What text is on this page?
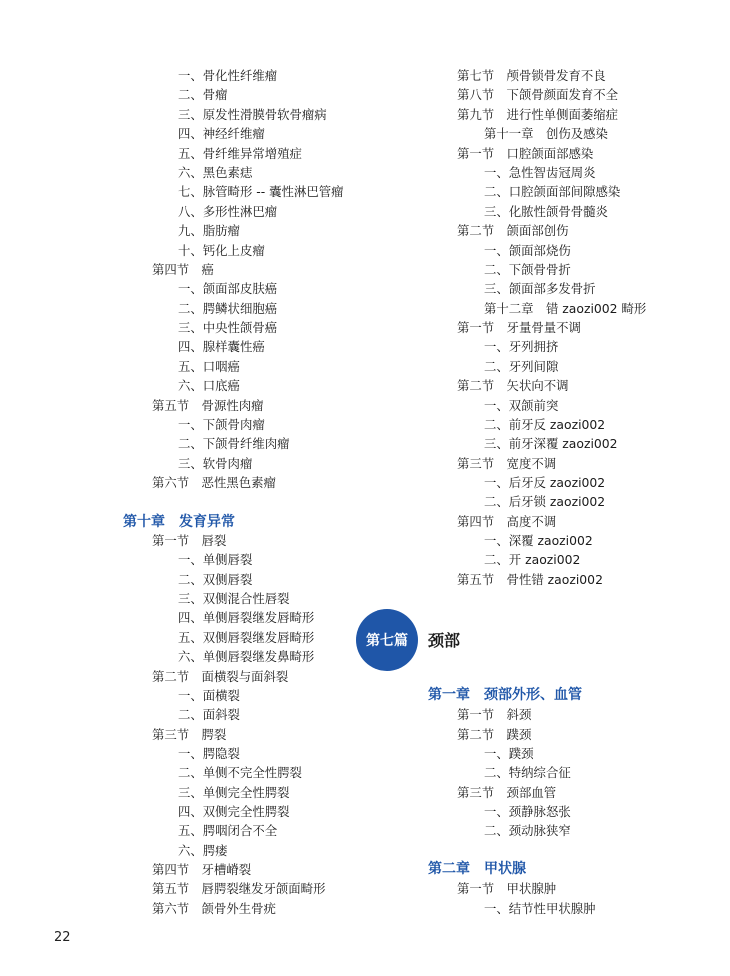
一、骨化性纤维瘤
二、骨瘤
三、原发性滑膜骨软骨瘤病
四、神经纤维瘤
五、骨纤维异常增殖症
六、黑色素痣
七、脉管畸形 -- 囊性淋巴管瘤
八、多形性淋巴瘤
九、脂肪瘤
十、钙化上皮瘤
第四节　癌
一、颌面部皮肤癌
二、腭鳞状细胞癌
三、中央性颌骨癌
四、腺样囊性癌
五、口咽癌
六、口底癌
第五节　骨源性肉瘤
一、下颌骨肉瘤
二、下颌骨纤维肉瘤
三、软骨肉瘤
第六节　恶性黑色素瘤
第十章　发育异常
第一节　唇裂
一、单侧唇裂
二、双侧唇裂
三、双侧混合性唇裂
四、单侧唇裂继发唇畸形
五、双侧唇裂继发唇畸形
六、单侧唇裂继发鼻畸形
第二节　面横裂与面斜裂
一、面横裂
二、面斜裂
第三节　腭裂
一、腭隐裂
二、单侧不完全性腭裂
三、单侧完全性腭裂
四、双侧完全性腭裂
五、腭咽闭合不全
六、腭瘘
第四节　牙槽嵴裂
第五节　唇腭裂继发牙颌面畸形
第六节　颌骨外生骨疣
第七节　颅骨锁骨发育不良
第八节　下颌骨颜面发育不全
第九节　进行性单侧面萎缩症
第十一章　创伤及感染
第一节　口腔颌面部感染
一、急性智齿冠周炎
二、口腔颌面部间隙感染
三、化脓性颌骨骨髓炎
第二节　颌面部创伤
一、颌面部烧伤
二、下颌骨骨折
三、颌面部多发骨折
第十二章　错 zaozi002 畸形
第一节　牙量骨量不调
一、牙列拥挤
二、牙列间隙
第二节　矢状向不调
一、双颌前突
二、前牙反 zaozi002
三、前牙深覆 zaozi002
第三节　宽度不调
一、后牙反 zaozi002
二、后牙锁 zaozi002
第四节　高度不调
一、深覆 zaozi002
二、开 zaozi002
第五节　骨性错 zaozi002
第七篇	颈部
第一章　颈部外形、血管
第一节　斜颈
第二节　蹼颈
一、蹼颈
二、特纳综合征
第三节　颈部血管
一、颈静脉怒张
二、颈动脉狭窄
第二章　甲状腺
第一节　甲状腺肿
一、结节性甲状腺肿
22
